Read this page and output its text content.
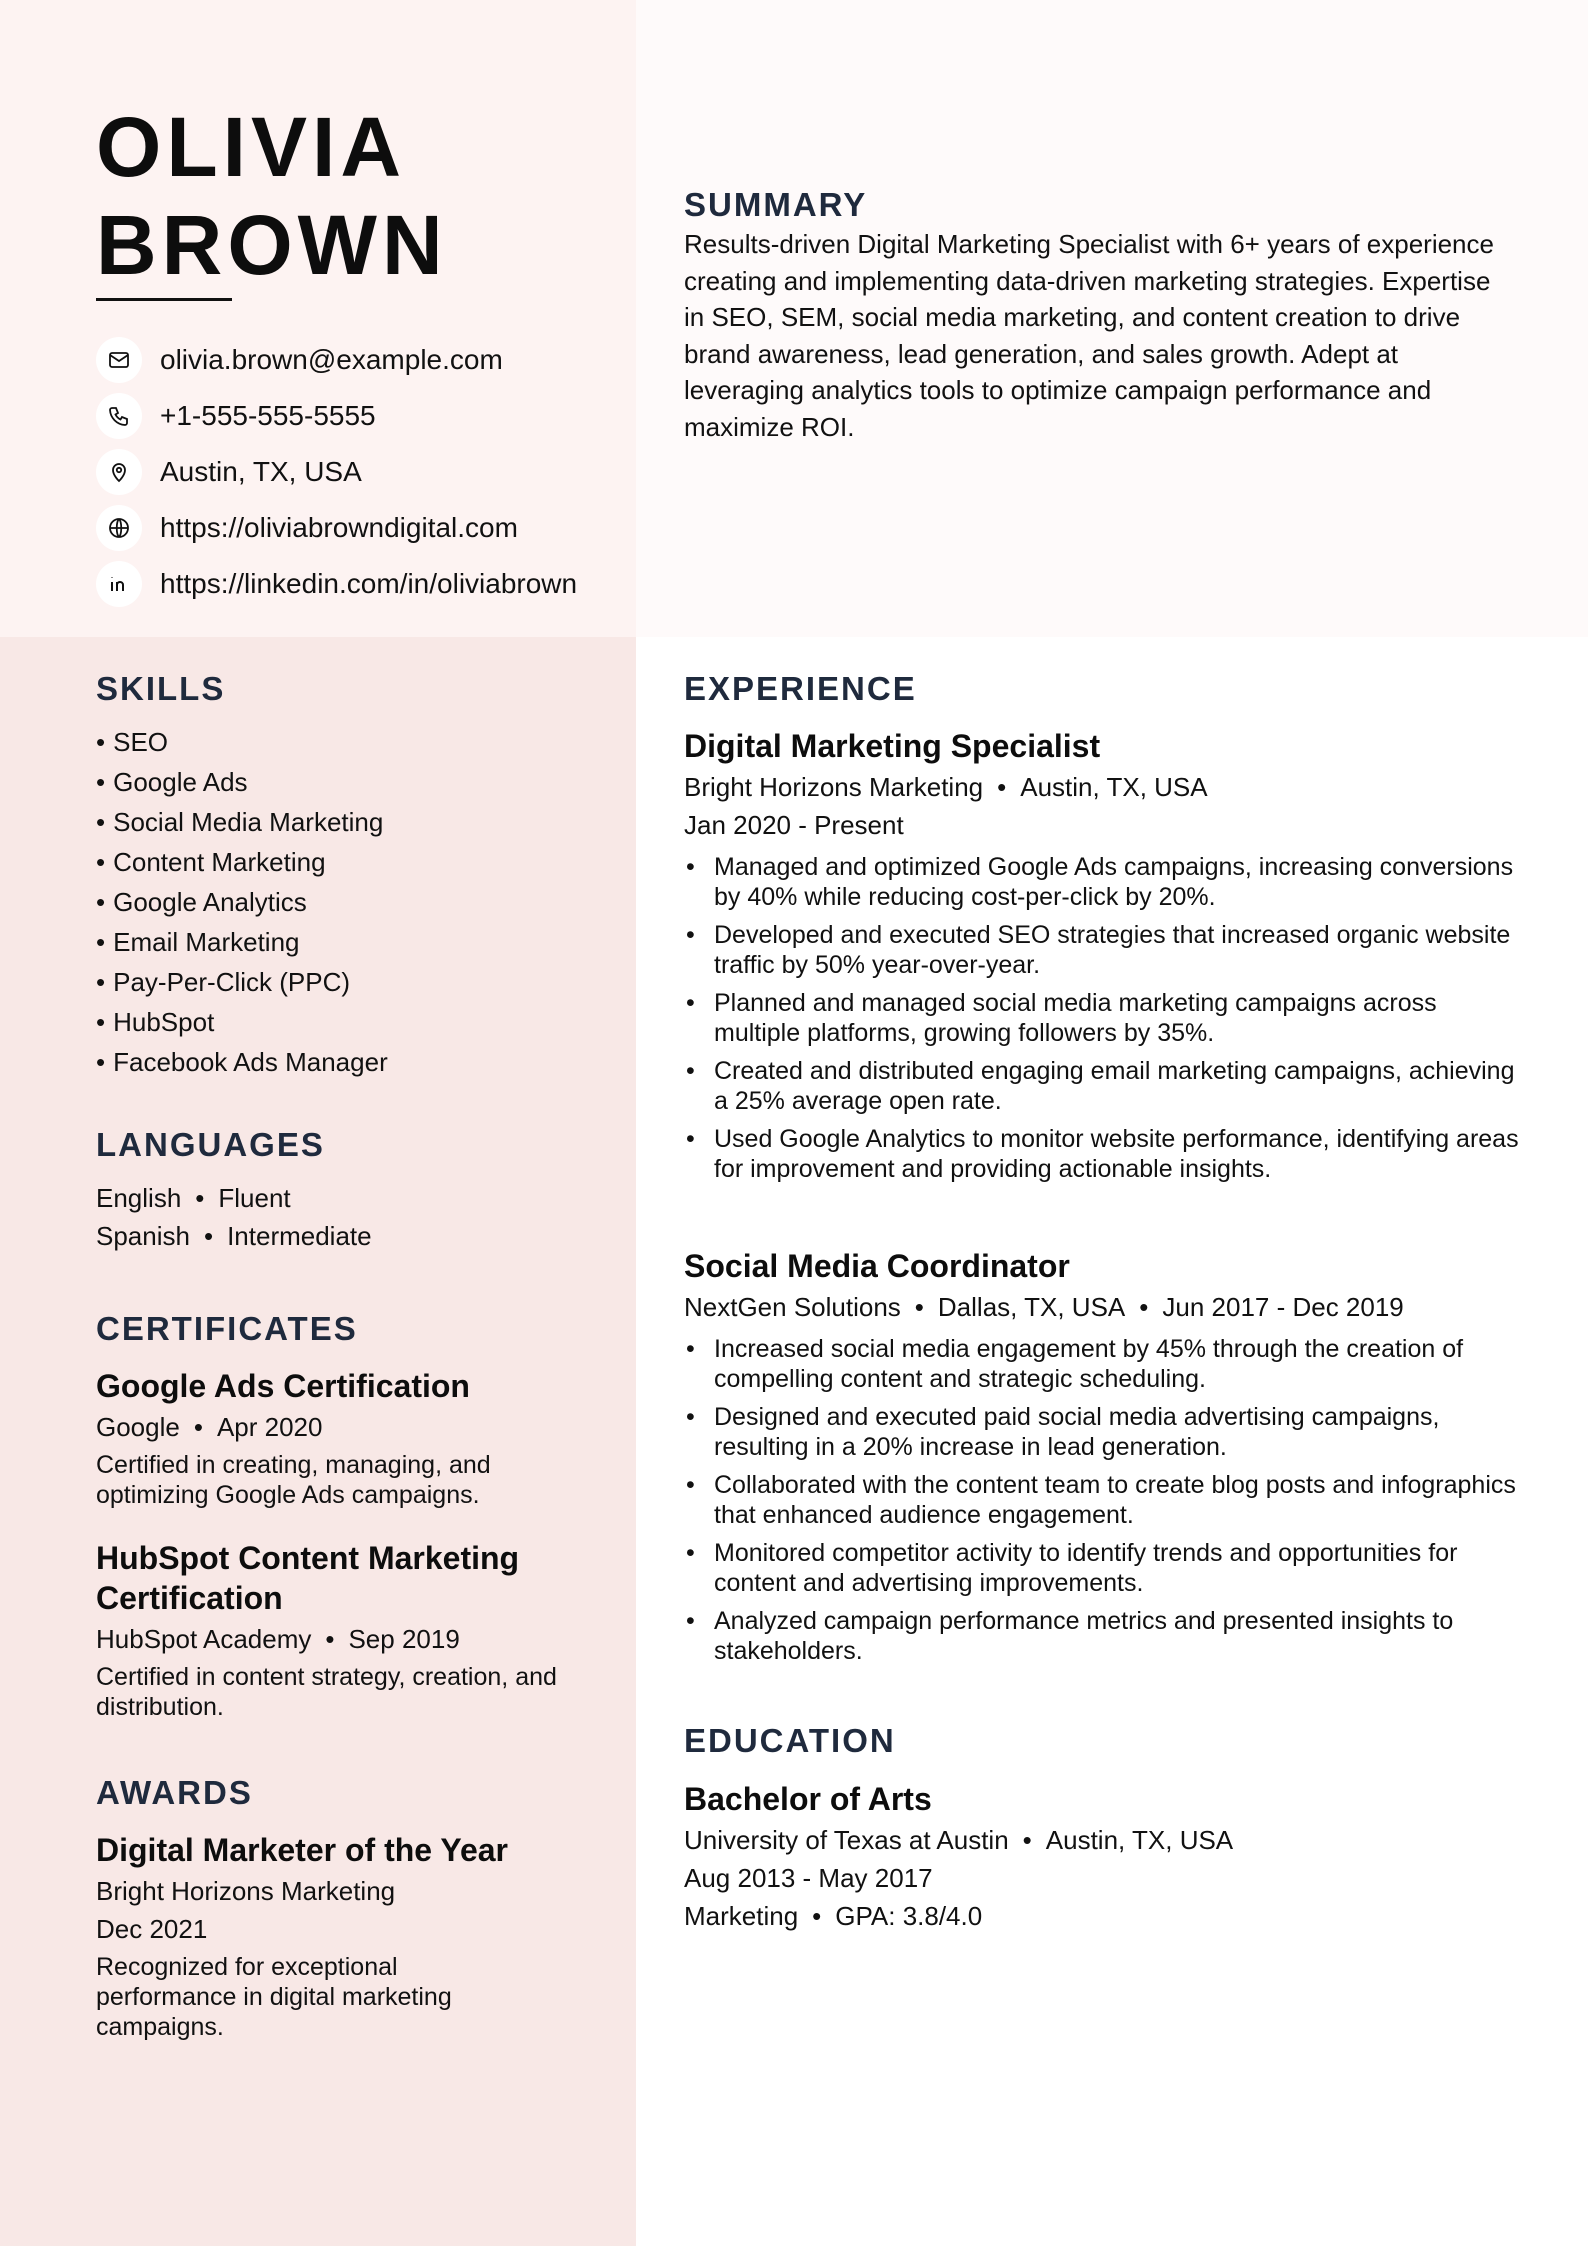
OLIVIA
BROWN
olivia.brown@example.com
+1-555-555-5555
Austin, TX, USA
https://oliviabrowndigital.com
https://linkedin.com/in/oliviabrown
SUMMARY

Results-driven Digital Marketing Specialist with 6+ years of experience creating and implementing data-driven marketing strategies. Expertise in SEO, SEM, social media marketing, and content creation to drive brand awareness, lead generation, and sales growth. Adept at leveraging analytics tools to optimize campaign performance and maximize ROI.

SKILLS
• SEO
• Google Ads
• Social Media Marketing
• Content Marketing
• Google Analytics
• Email Marketing
• Pay-Per-Click (PPC)
• HubSpot
• Facebook Ads Manager
LANGUAGES
English • Fluent
Spanish • Intermediate
CERTIFICATES
Google Ads Certification
Google • Apr 2020
Certified in creating, managing, and optimizing Google Ads campaigns.
HubSpot Content Marketing Certification
HubSpot Academy • Sep 2019
Certified in content strategy, creation, and distribution.
AWARDS
Digital Marketer of the Year
Bright Horizons Marketing
Dec 2021
Recognized for exceptional performance in digital marketing campaigns.
EXPERIENCE
Digital Marketing Specialist
Bright Horizons Marketing • Austin, TX, USA
Jan 2020 - Present
• Managed and optimized Google Ads campaigns, increasing conversions by 40% while reducing cost-per-click by 20%.
• Developed and executed SEO strategies that increased organic website traffic by 50% year-over-year.
• Planned and managed social media marketing campaigns across multiple platforms, growing followers by 35%.
• Created and distributed engaging email marketing campaigns, achieving a 25% average open rate.
• Used Google Analytics to monitor website performance, identifying areas for improvement and providing actionable insights.
Social Media Coordinator
NextGen Solutions • Dallas, TX, USA • Jun 2017 - Dec 2019
• Increased social media engagement by 45% through the creation of compelling content and strategic scheduling.
• Designed and executed paid social media advertising campaigns, resulting in a 20% increase in lead generation.
• Collaborated with the content team to create blog posts and infographics that enhanced audience engagement.
• Monitored competitor activity to identify trends and opportunities for content and advertising improvements.
• Analyzed campaign performance metrics and presented insights to stakeholders.
EDUCATION
Bachelor of Arts
University of Texas at Austin • Austin, TX, USA
Aug 2013 - May 2017
Marketing • GPA: 3.8/4.0
